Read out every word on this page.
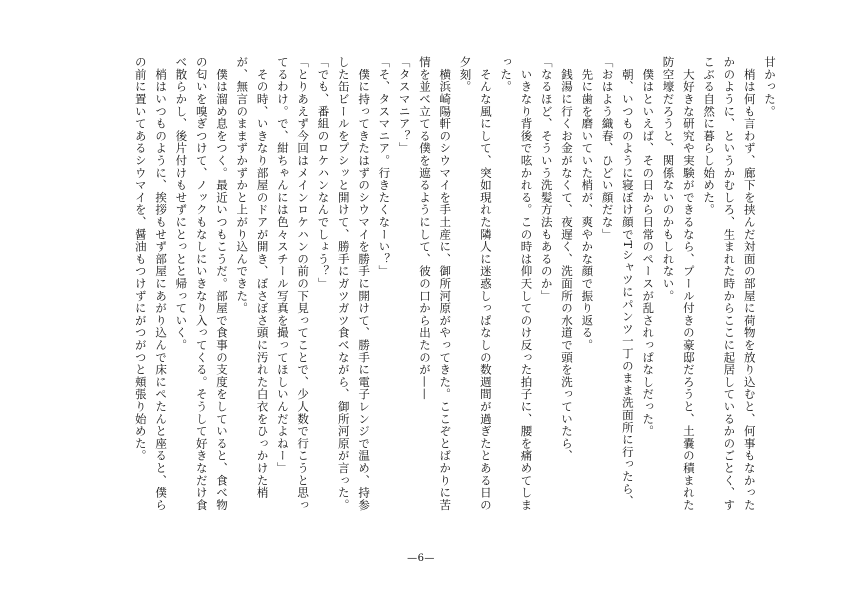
甘かった。

　梢は何も言わず、廊下を挟んだ対面の部屋に荷物を放り込むと、何事もなかったかのように、というかむしろ、生まれた時からここに起居しているかのごとく、すこぶる自然に暮らし始めた。

　大好きな研究や実験ができるなら、プール付きの豪邸だろうと、土嚢の積まれた防空壕だろうと、関係ないのかもしれない。

　僕はといえば、その日から日常のペースが乱されっぱなしだった。

　朝、いつものように寝ぼけ顔でTシャツにパンツ一丁のまま洗面所に行ったら、

「おはよう織春、ひどい顔だな」

　先に歯を磨いていた梢が、爽やかな顔で振り返る。

　銭湯に行くお金がなくて、夜遅く、洗面所の水道で頭を洗っていたら、

「なるほど、そういう洗髪方法もあるのか」

　いきなり背後で呟かれる。この時は仰天してのけ反った拍子に、腰を痛めてしまった。

　そんな風にして、突如現れた隣人に迷惑しっぱなしの数週間が過ぎたとある日の夕刻。

　横浜崎陽軒のシウマイを手土産に、御所河原がやってきた。ここぞとばかりに苦情を並べ立てる僕を遮るようにして、彼の口から出たのが——

「タスマニア？」

「そ、タスマニア。行きたくなーい？」

　僕に持ってきたはずのシウマイを勝手に開けて、勝手に電子レンジで温め、持参した缶ビールをプシッと開けて、勝手にガツガツ食べながら、御所河原が言った。

「でも、番組のロケハンなんでしょう？」

「とりあえず今回はメインロケハンの前の下見ってことで、少人数で行こうと思ってるわけ。で、紺ちゃんには色々スチール写真を撮ってほしいんだよねー」

　その時、いきなり部屋のドアが開き、ぼさぼさ頭に汚れた白衣をひっかけた梢が、無言のままずかずかと上がり込んできた。

　僕は溜め息をつく。最近いつもこうだ。部屋で食事の支度をしていると、食べ物の匂いを嗅ぎつけて、ノックもなしにいきなり入ってくる。そうして好きなだけ食べ散らかし、後片付けもせずにとっとと帰っていく。

　梢はいつものように、挨拶もせず部屋にあがり込んで床にぺたんと座ると、僕らの前に置いてあるシウマイを、醤油もつけずにがつがつと頬張り始めた。

—6—
